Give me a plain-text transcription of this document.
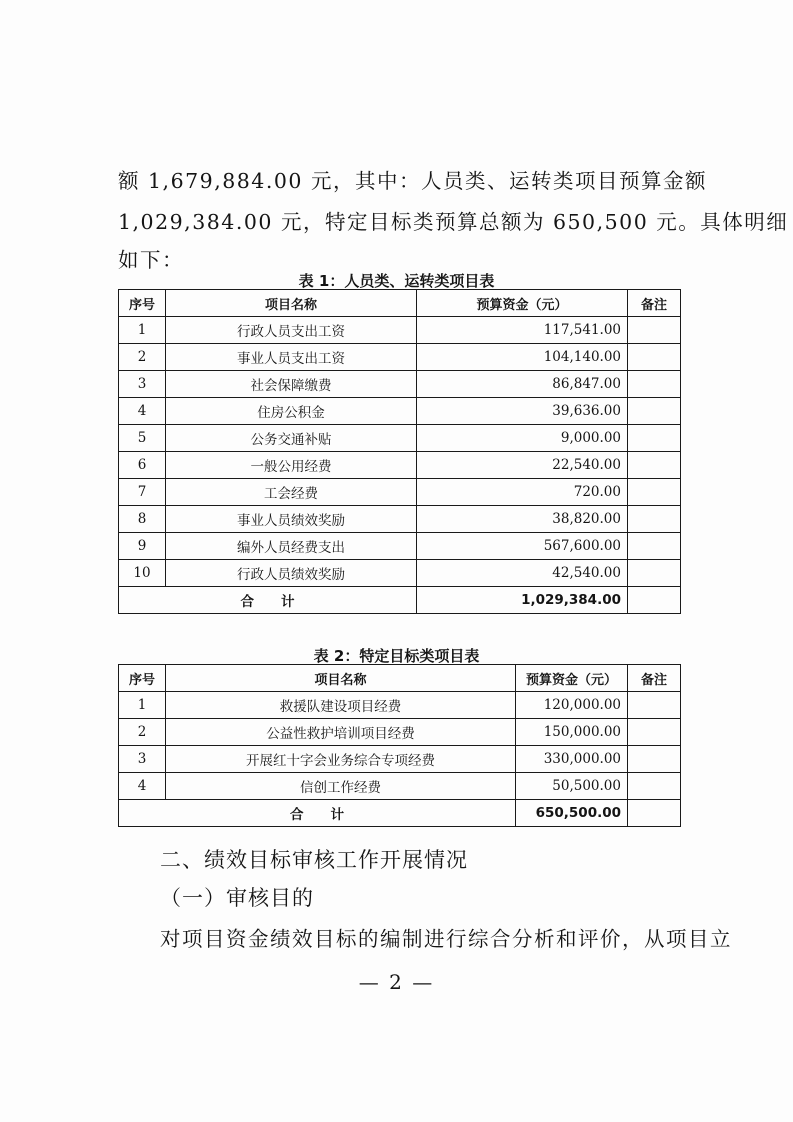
额 1,679,884.00 元，其中：人员类、运转类项目预算金额
1,029,384.00 元，特定目标类预算总额为 650,500 元。具体明细
如下：
表 1：人员类、运转类项目表
序号	项目名称	预算资金（元）	备注
1	行政人员支出工资	117,541.00	
2	事业人员支出工资	104,140.00	
3	社会保障缴费	86,847.00	
4	住房公积金	39,636.00	
5	公务交通补贴	9,000.00	
6	一般公用经费	22,540.00	
7	工会经费	720.00	
8	事业人员绩效奖励	38,820.00	
9	编外人员经费支出	567,600.00	
10	行政人员绩效奖励	42,540.00	
合　　计		1,029,384.00	
表 2：特定目标类项目表
序号	项目名称	预算资金（元）	备注
1	救援队建设项目经费	120,000.00	
2	公益性救护培训项目经费	150,000.00	
3	开展红十字会业务综合专项经费	330,000.00	
4	信创工作经费	50,500.00	
合　　计		650,500.00	
二、绩效目标审核工作开展情况
（一）审核目的
对项目资金绩效目标的编制进行综合分析和评价，从项目立
— 2 —
